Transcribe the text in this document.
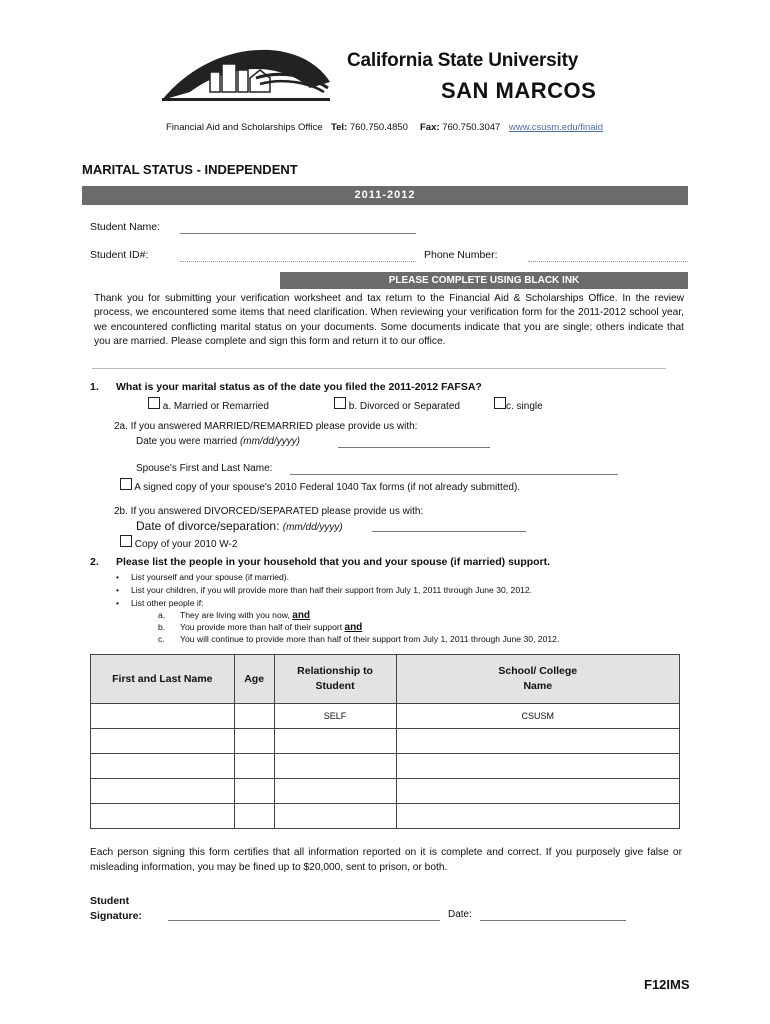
California State University
SAN MARCOS
Financial Aid and Scholarships Office Tel: 760.750.4850 Fax: 760.750.3047 www.csusm.edu/finaid
MARITAL STATUS - INDEPENDENT
2011-2012
Student Name:
Student ID#:	Phone Number:
PLEASE COMPLETE USING BLACK INK
Thank you for submitting your verification worksheet and tax return to the Financial Aid & Scholarships Office. In the review process, we encountered some items that need clarification. When reviewing your verification form for the 2011-2012 school year, we encountered conflicting marital status on your documents. Some documents indicate that you are single; others indicate that you are married. Please complete and sign this form and return it to our office.
1. What is your marital status as of the date you filed the 2011-2012 FAFSA?
a. Married or Remarried	b. Divorced or Separated	c. single
2a. If you answered MARRIED/REMARRIED please provide us with:
Date you were married (mm/dd/yyyy)
Spouse's First and Last Name:
A signed copy of your spouse's 2010 Federal 1040 Tax forms (if not already submitted).
2b. If you answered DIVORCED/SEPARATED please provide us with:
Date of divorce/separation: (mm/dd/yyyy)
Copy of your 2010 W-2
2. Please list the people in your household that you and your spouse (if married) support.
•     List yourself and your spouse (if married).
•     List your children, if you will provide more than half their support from July 1, 2011 through June 30, 2012.
•     List other people if:
a. They are living with you now, and
b. You provide more than half of their support and
c. You will continue to provide more than half of their support from July 1, 2011 through June 30, 2012.
First and Last Name	Age	Relationship to Student	School/ College Name

		SELF	CSUSM

Each person signing this form certifies that all information reported on it is complete and correct. If you purposely give false or misleading information, you may be fined up to $20,000, sent to prison, or both.
Student
Signature:	Date:
F12IMS
